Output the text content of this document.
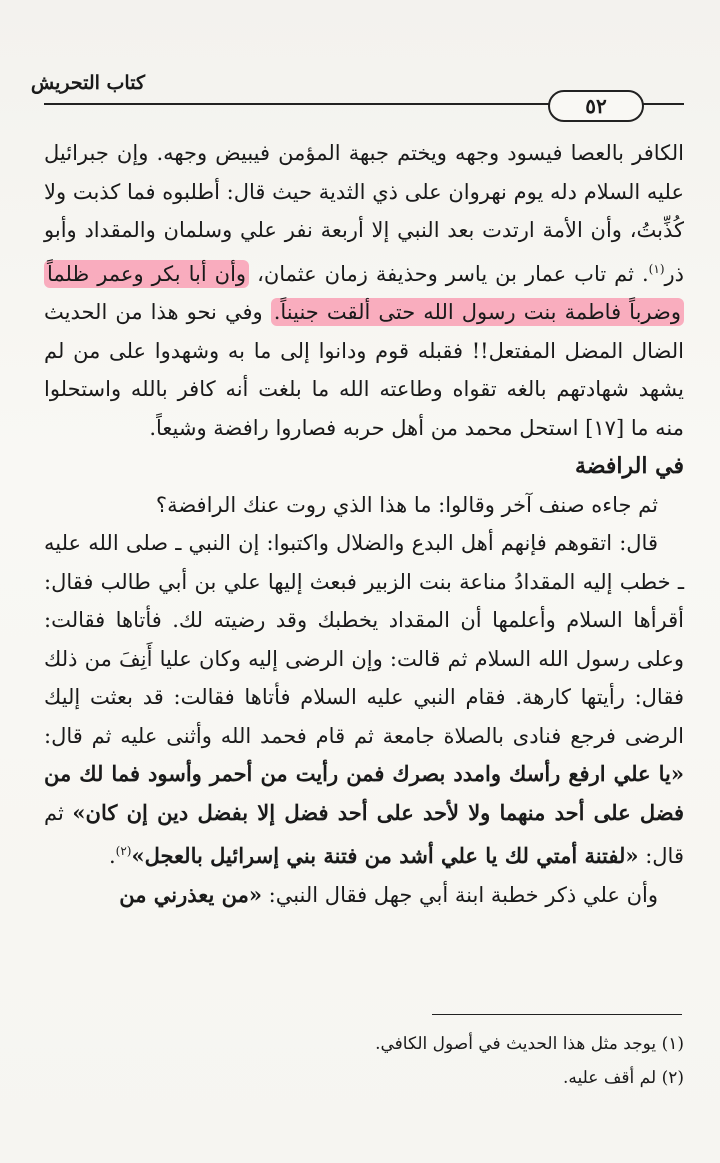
كتاب التحريش
٥٢

الكافر بالعصا فيسود وجهه ويختم جبهة المؤمن فيبيض وجهه. وإن جبرائيل عليه السلام دله يوم نهروان على ذي الثدية حيث قال: أطلبوه فما كذبت ولا كُذِّبتُ، وأن الأمة ارتدت بعد النبي إلا أربعة نفر علي وسلمان والمقداد وأبو ذر$^{(١)}$. ثم تاب عمار بن ياسر وحذيفة زمان عثمان، وأن أبا بكر وعمر ظلماً وضرباً فاطمة بنت رسول الله حتى ألقت جنيناً. وفي نحو هذا من الحديث الضال المضل المفتعل!! فقبله قوم ودانوا إلى ما به وشهدوا على من لم يشهد شهادتهم بالغه تقواه وطاعته الله ما بلغت أنه كافر بالله واستحلوا منه ما [١٧] استحل محمد من أهل حربه فصاروا رافضة وشيعاً.

في الرافضة

ثم جاءه صنف آخر وقالوا: ما هذا الذي روت عنك الرافضة؟

قال: اتقوهم فإنهم أهل البدع والضلال واكتبوا: إن النبي ـ صلى الله عليه ـ خطب إليه المقدادُ مناعة بنت الزبير فبعث إليها علي بن أبي طالب فقال: أقرأها السلام وأعلمها أن المقداد يخطبك وقد رضيته لك. فأتاها فقالت: وعلى رسول الله السلام ثم قالت: وإن الرضى إليه وكان عليا أَنِفَ من ذلك فقال: رأيتها كارهة. فقام النبي عليه السلام فأتاها فقالت: قد بعثت إليك الرضى فرجع فنادى بالصلاة جامعة ثم قام فحمد الله وأثنى عليه ثم قال: «يا علي ارفع رأسك وامدد بصرك فمن رأيت من أحمر وأسود فما لك من فضل على أحد منهما ولا لأحد على أحد فضل إلا بفضل دين إن كان» ثم قال: «لفتنة أمتي لك يا علي أشد من فتنة بني إسرائيل بالعجل»$^{(٢)}$.

وأن علي ذكر خطبة ابنة أبي جهل فقال النبي: «من يعذرني من

(١) يوجد مثل هذا الحديث في أصول الكافي.

(٢) لم أقف عليه.
